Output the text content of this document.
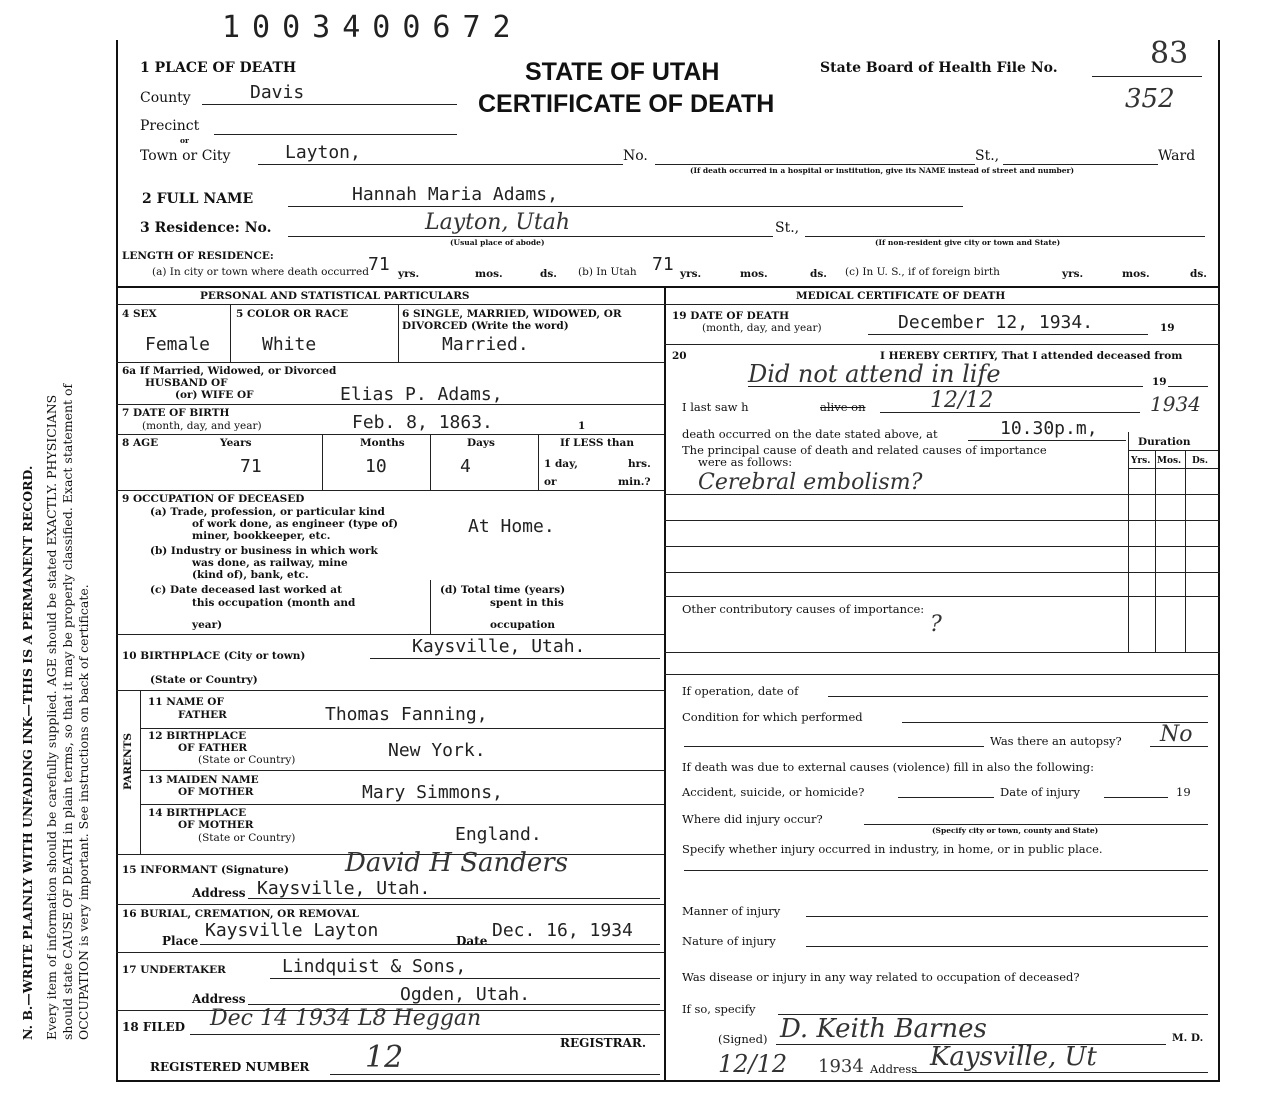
1003400672
N. B.—WRITE PLAINLY WITH UNFADING INK—THIS IS A PERMANENT RECORD. Every item of information should be carefully supplied. AGE should be stated EXACTLY. PHYSICIANS should state CAUSE OF DEATH in plain terms, so that it may be properly classified. Exact statement of OCCUPATION is very important. See instructions on back of certificate.
1 PLACE OF DEATH	STATE OF UTAH
CERTIFICATE OF DEATH
State Board of Health File No.	83
352
County	Davis
Precinct
or
Town or City	Layton,	No.	St.,	Ward
(If death occurred in a hospital or institution, give its NAME instead of street and number)
2 FULL NAME	Hannah Maria Adams,
3 Residence: No.	Layton, Utah
(Usual place of abode)
St.,
(If non-resident give city or town and State)
LENGTH OF RESIDENCE:
(a) In city or town where death occurred 71 yrs.	mos.	ds. (b) In Utah 71 yrs.	mos.	ds. (c) In U. S., if of foreign birth	yrs.	mos.	ds.
PERSONAL AND STATISTICAL PARTICULARS
4 SEX
Female
5 COLOR OR RACE
White
6 SINGLE, MARRIED, WIDOWED, OR DIVORCED (Write the word)
Married.
6a If Married, Widowed, or Divorced
HUSBAND OF
(or) WIFE OF	Elias P. Adams,
7 DATE OF BIRTH
(month, day, and year)	Feb. 8, 1863.	1
8 AGE	Years
71
Months
10
Days
4
If LESS than
1 day,	hrs.
or	min.?
9 OCCUPATION OF DECEASED
(a) Trade, profession, or particular kind
of work done, as engineer (type of)
miner, bookkeeper, etc.	At Home.
(b) Industry or business in which work
was done, as railway, mine
(kind of), bank, etc.
(c) Date deceased last worked at
this occupation (month and
year)
(d) Total time (years)
spent in this
occupation
10 BIRTHPLACE (City or town)	Kaysville, Utah.
(State or Country)
PARENTS
11 NAME OF
FATHER	Thomas Fanning,
12 BIRTHPLACE
OF FATHER
(State or Country)	New York.
13 MAIDEN NAME
OF MOTHER	Mary Simmons,
14 BIRTHPLACE
OF MOTHER
(State or Country)	England.
15 INFORMANT (Signature) David H Sanders
Address Kaysville, Utah.
16 BURIAL, CREMATION, OR REMOVAL
Place Kaysville Layton	Date Dec. 16, 1934
17 UNDERTAKER	Lindquist & Sons,
Address	Ogden, Utah.
18 FILED Dec 14 1934 L8 Heggan
REGISTRAR.
REGISTERED NUMBER 12
MEDICAL CERTIFICATE OF DEATH
19 DATE OF DEATH
(month, day, and year)	December 12, 1934.	19
20	I HEREBY CERTIFY, That I attended deceased from
Did not attend in life	19
I last saw h	alive on	12/12	1934
death occurred on the date stated above, at	10.30p.m,
The principal cause of death and related causes of importance
were as follows:
Cerebral embolism?
Duration
Yrs. Mos. Ds.
Other contributory causes of importance:
?
If operation, date of
Condition for which performed
Was there an autopsy? No
If death was due to external causes (violence) fill in also the following:
Accident, suicide, or homicide?	Date of injury	19
Where did injury occur?
(Specify city or town, county and State)
Specify whether injury occurred in industry, in home, or in public place.
Manner of injury
Nature of injury
Was disease or injury in any way related to occupation of deceased?
If so, specify
(Signed) D. Keith Barnes	M. D.
12/12 1934 Address Kaysville, Ut
